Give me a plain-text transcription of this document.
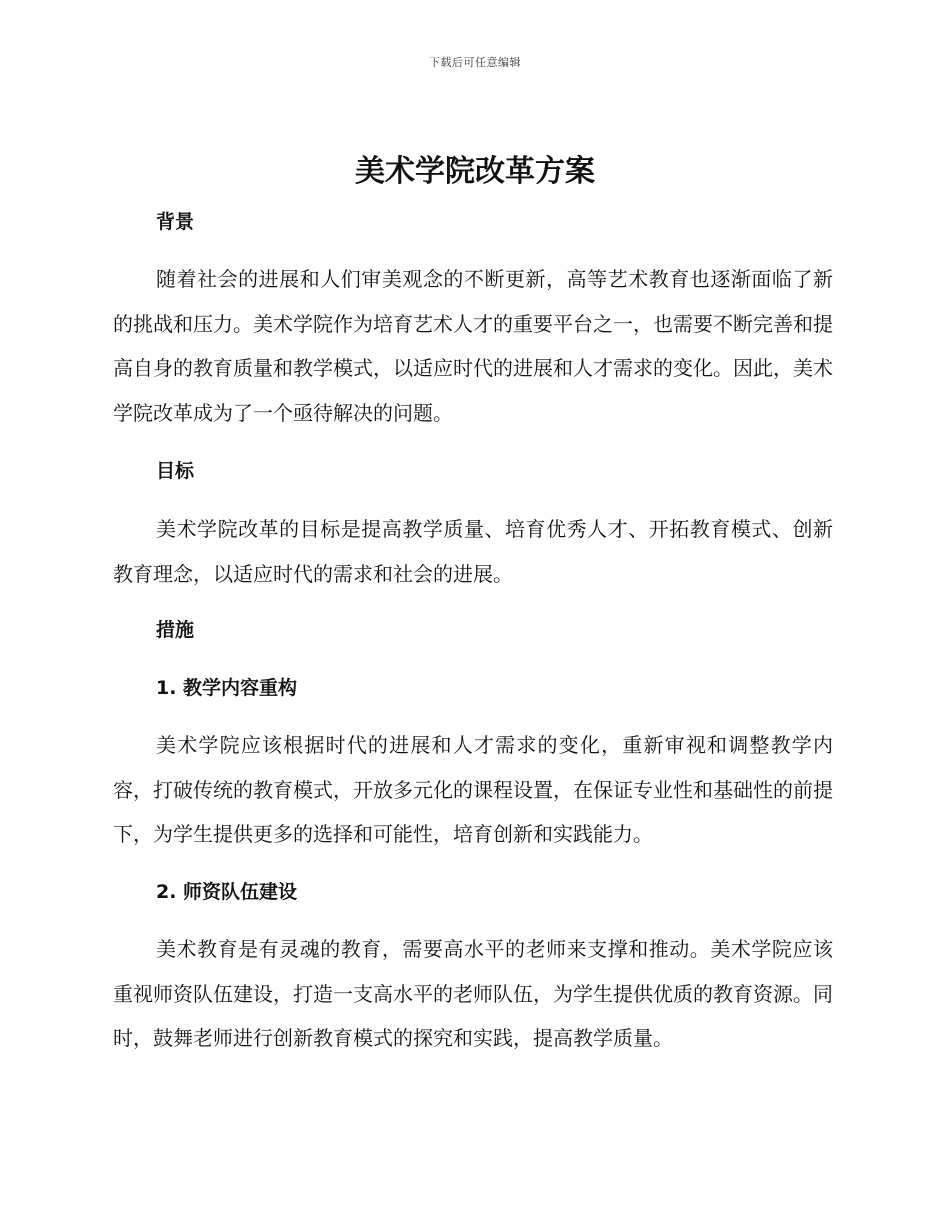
下载后可任意编辑
美术学院改革方案
背景

随着社会的进展和人们审美观念的不断更新，高等艺术教育也逐渐面临了新的挑战和压力。美术学院作为培育艺术人才的重要平台之一，也需要不断完善和提高自身的教育质量和教学模式，以适应时代的进展和人才需求的变化。因此，美术学院改革成为了一个亟待解决的问题。

目标

美术学院改革的目标是提高教学质量、培育优秀人才、开拓教育模式、创新教育理念，以适应时代的需求和社会的进展。

措施
1. 教学内容重构

美术学院应该根据时代的进展和人才需求的变化，重新审视和调整教学内容，打破传统的教育模式，开放多元化的课程设置，在保证专业性和基础性的前提下，为学生提供更多的选择和可能性，培育创新和实践能力。

2. 师资队伍建设

美术教育是有灵魂的教育，需要高水平的老师来支撑和推动。美术学院应该重视师资队伍建设，打造一支高水平的老师队伍，为学生提供优质的教育资源。同时，鼓舞老师进行创新教育模式的探究和实践，提高教学质量。
